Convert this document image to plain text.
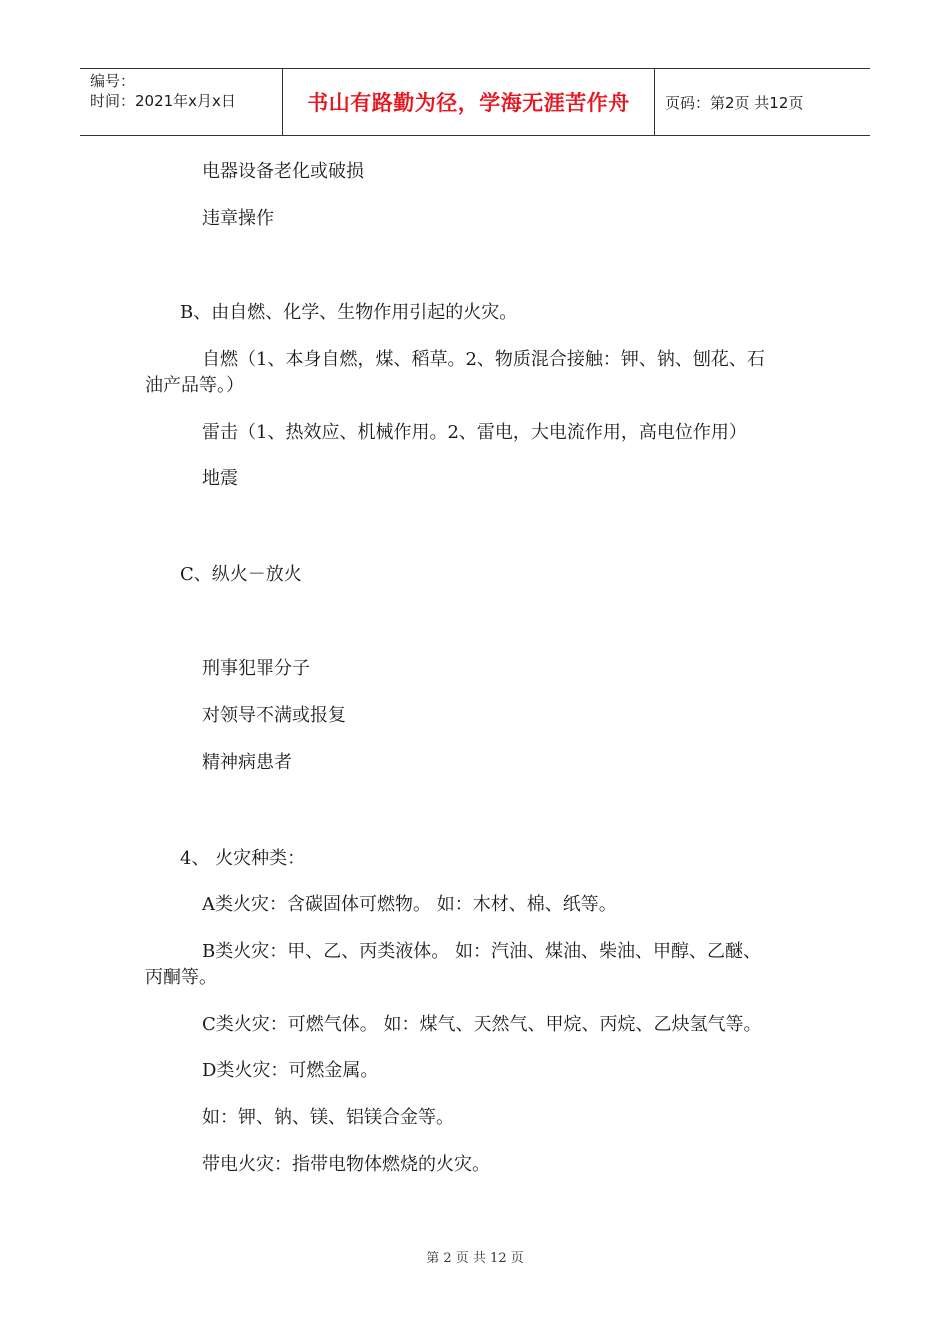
编号：
时间：2021年x月x日	书山有路勤为径，学海无涯苦作舟 页码：第2页 共12页
电器设备老化或破损
违章操作
B、由自燃、化学、生物作用引起的火灾。
自燃（1、本身自燃，煤、稻草。2、物质混合接触：钾、钠、刨花、石
油产品等。）
雷击（1、热效应、机械作用。2、雷电，大电流作用，高电位作用）
地震
C、纵火－放火
刑事犯罪分子
对领导不满或报复
精神病患者
4、 火灾种类：
A类火灾：含碳固体可燃物。 如：木材、棉、纸等。
B类火灾：甲、乙、丙类液体。 如：汽油、煤油、柴油、甲醇、乙醚、
丙酮等。
C类火灾：可燃气体。 如：煤气、天然气、甲烷、丙烷、乙炔氢气等。
D类火灾：可燃金属。
如：钾、钠、镁、铝镁合金等。
带电火灾：指带电物体燃烧的火灾。
第 2 页 共 12 页
